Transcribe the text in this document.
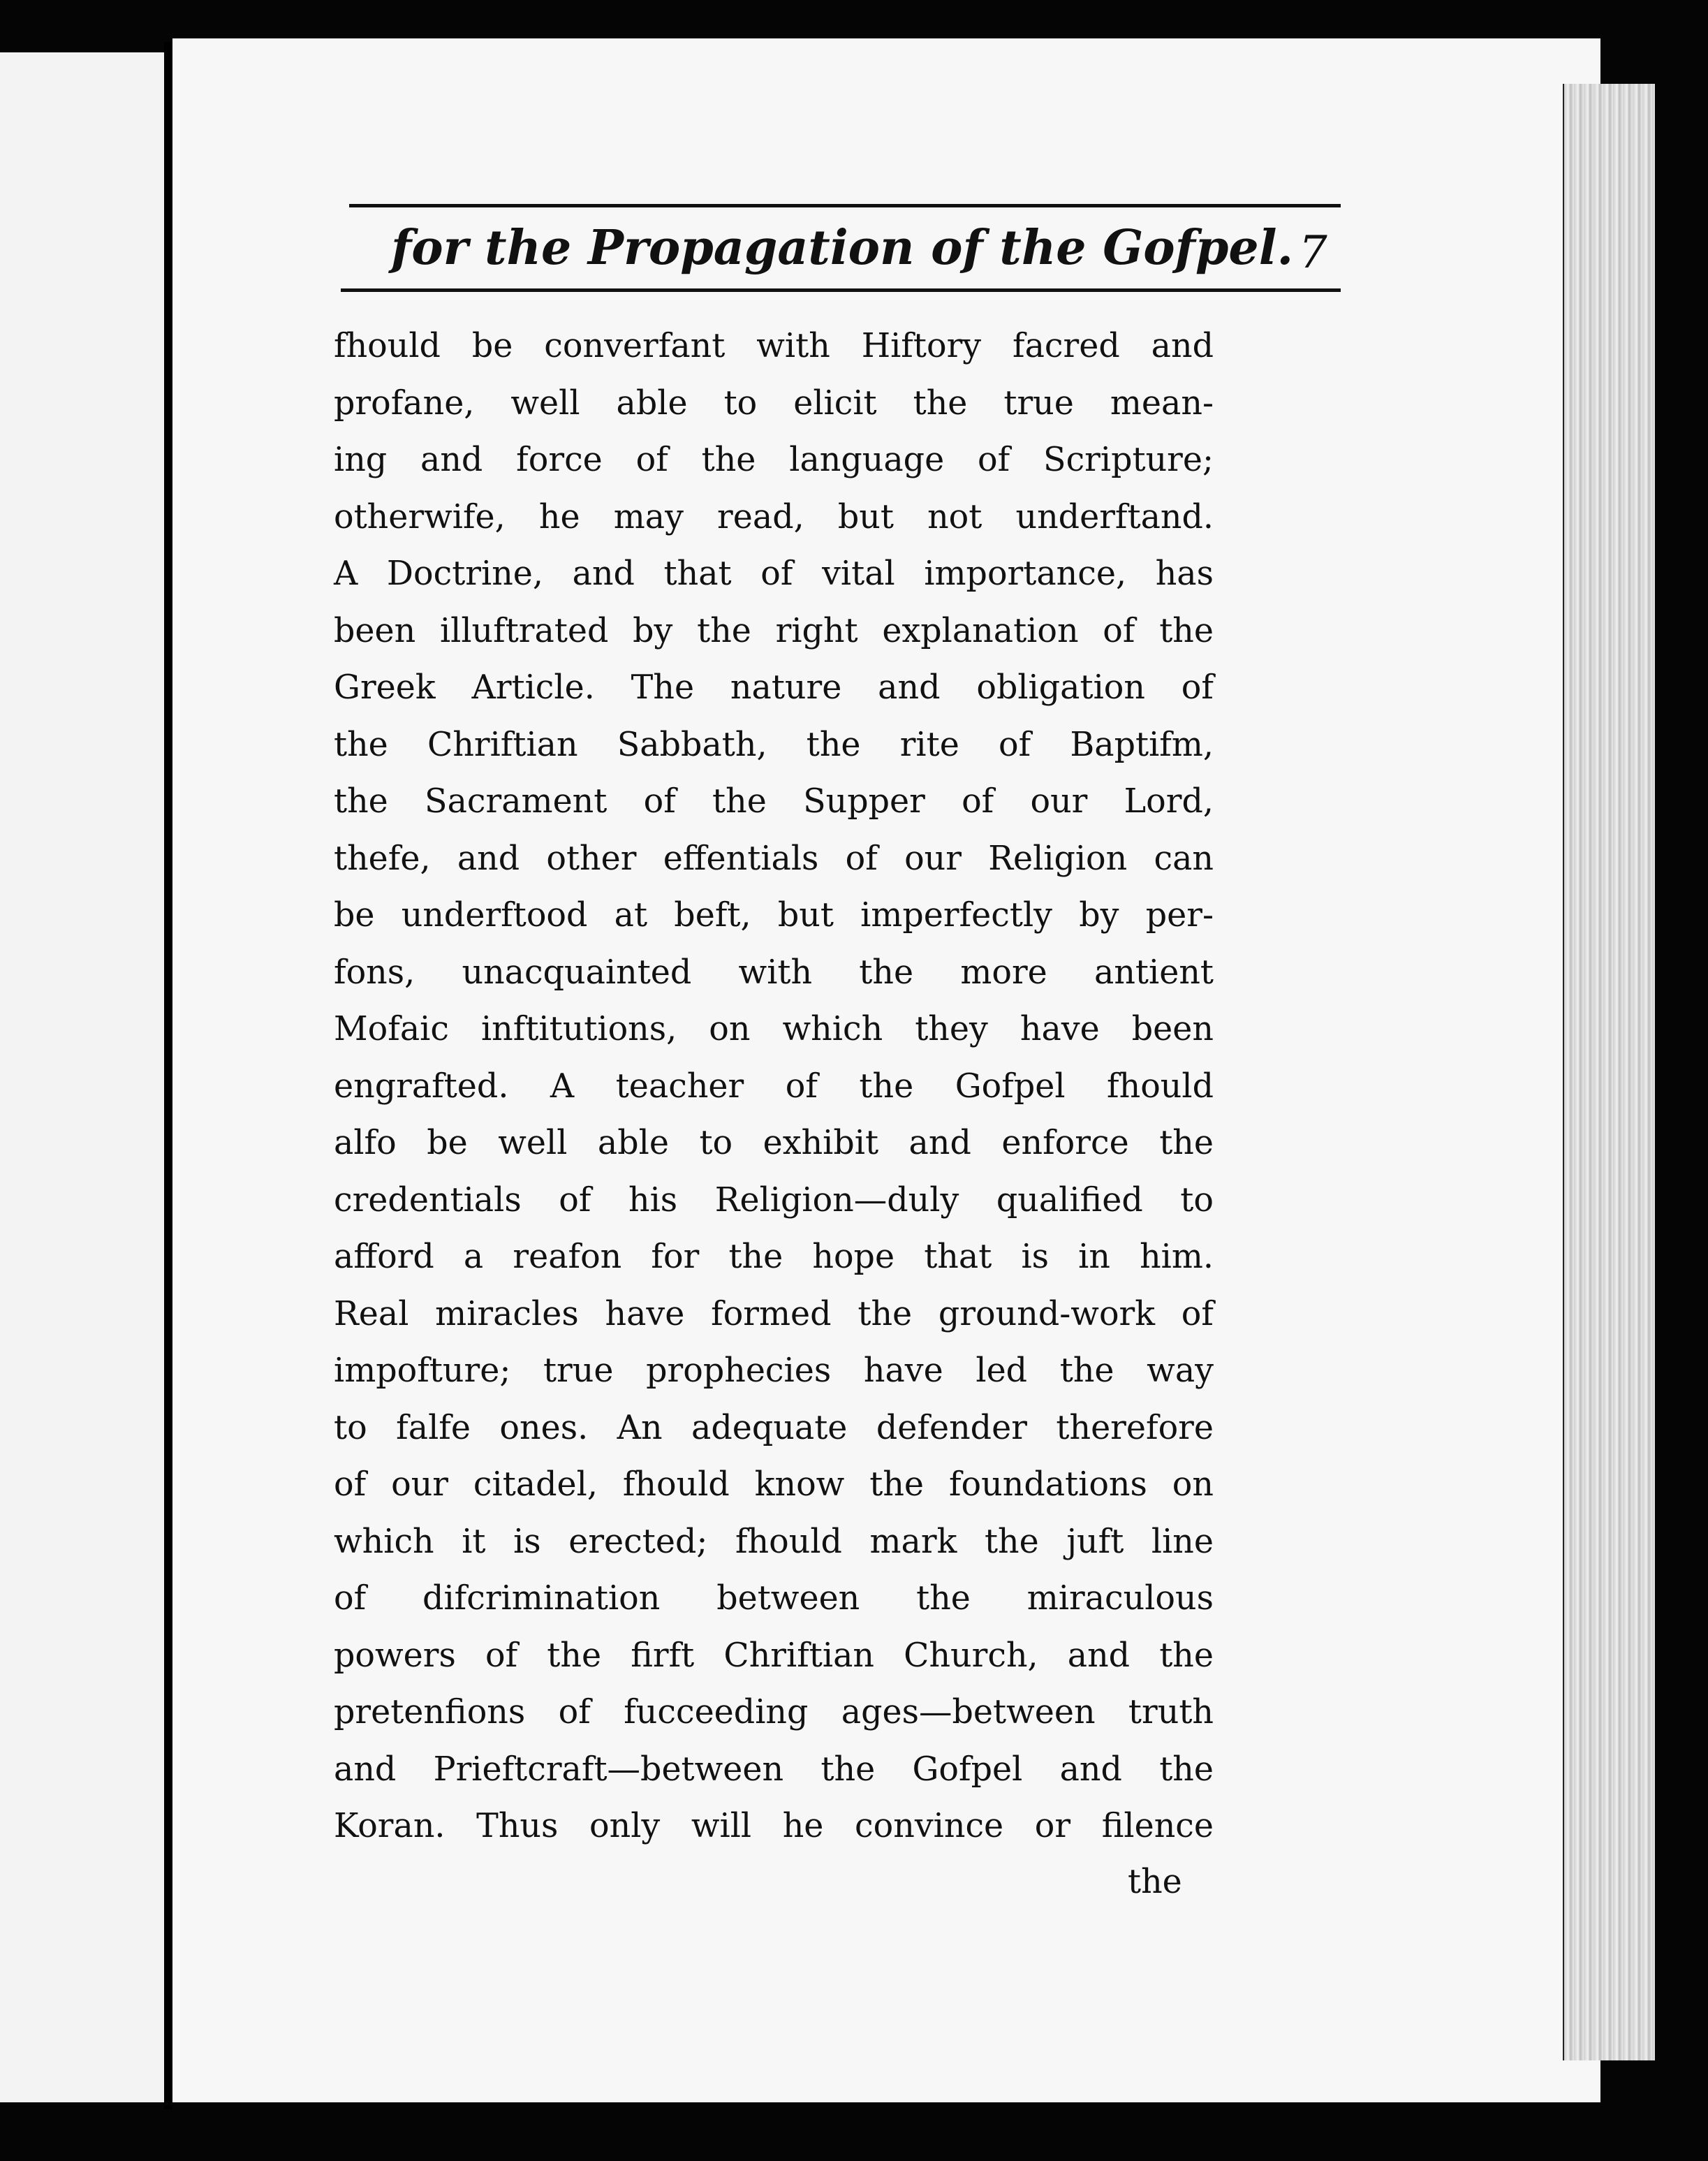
for the Propagation of the Gofpel. 7
fhould be converfant with Hiftory facred and
profane, well able to elicit the true mean-
ing and force of the language of Scripture;
otherwife, he may read, but not underftand.
A Doctrine, and that of vital importance, has
been illuftrated by the right explanation of the
Greek Article. The nature and obligation of
the Chriftian Sabbath, the rite of Baptifm,
the Sacrament of the Supper of our Lord,
thefe, and other effentials of our Religion can
be underftood at beft, but imperfectly by per-
fons, unacquainted with the more antient
Mofaic inftitutions, on which they have been
engrafted. A teacher of the Gofpel fhould
alfo be well able to exhibit and enforce the
credentials of his Religion—duly qualified to
afford a reafon for the hope that is in him.
Real miracles have formed the ground-work of
impofture; true prophecies have led the way
to falfe ones. An adequate defender therefore
of our citadel, fhould know the foundations on
which it is erected; fhould mark the juft line
of difcrimination between the miraculous
powers of the firft Chriftian Church, and the
pretenfions of fucceeding ages—between truth
and Prieftcraft—between the Gofpel and the
Koran. Thus only will he convince or filence
the
